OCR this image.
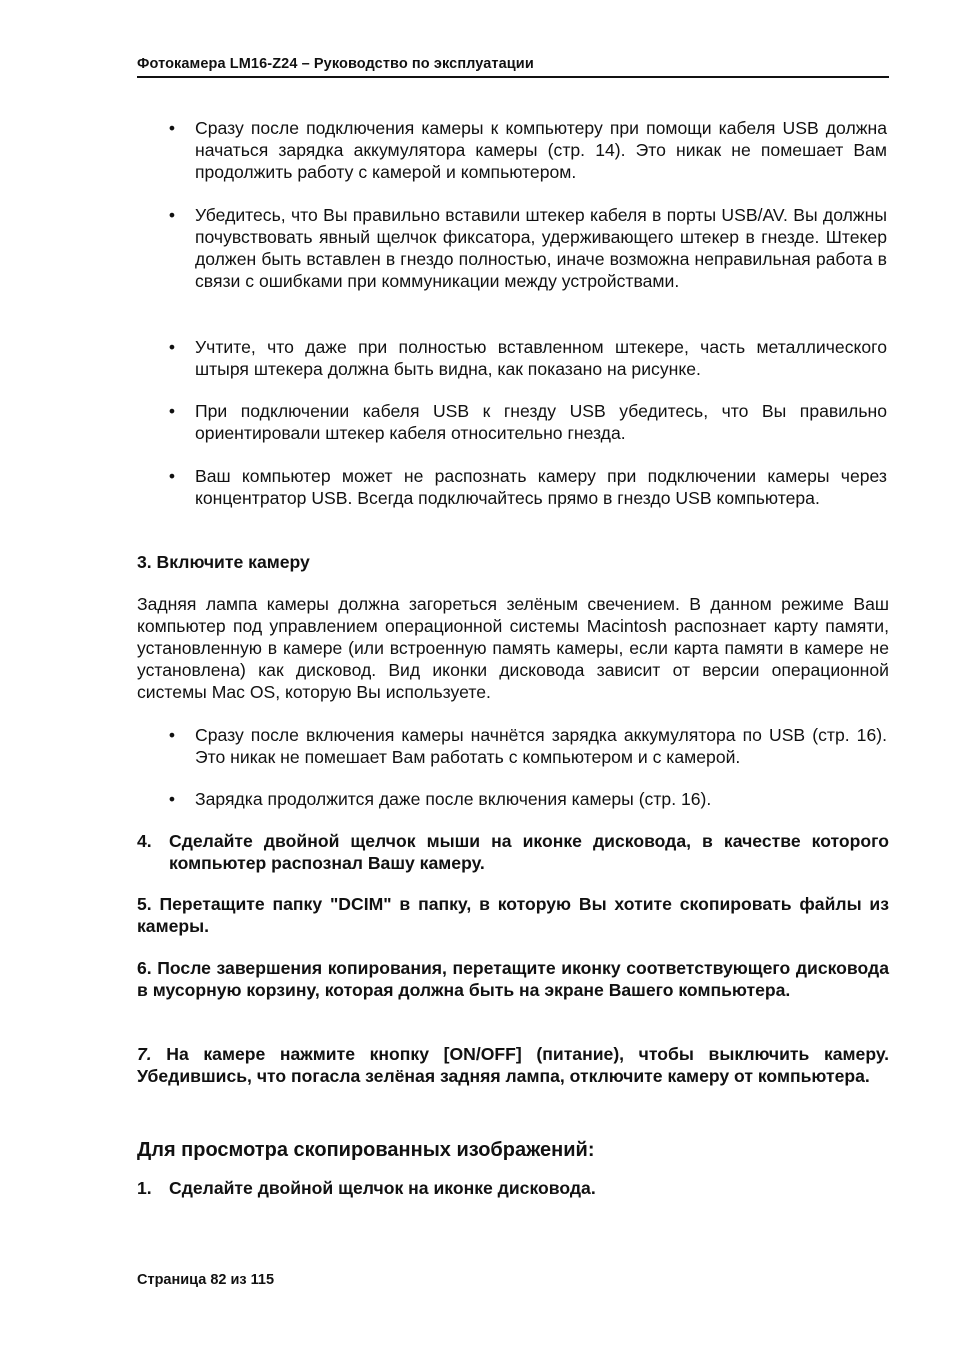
Фотокамера LM16-Z24 – Руководство по эксплуатации
• Сразу после подключения камеры к компьютеру при помощи кабеля USB должна начаться зарядка аккумулятора камеры (стр. 14). Это никак не помешает Вам продолжить работу с камерой и компьютером.
• Убедитесь, что Вы правильно вставили штекер кабеля в порты USB/AV. Вы должны почувствовать явный щелчок фиксатора, удерживающего штекер в гнезде. Штекер должен быть вставлен в гнездо полностью, иначе возможна неправильная работа в связи с ошибками при коммуникации между устройствами.
• Учтите, что даже при полностью вставленном штекере, часть металлического штыря штекера должна быть видна, как показано на рисунке.
• При подключении кабеля USB к гнезду USB убедитесь, что Вы правильно ориентировали штекер кабеля относительно гнезда.
• Ваш компьютер может не распознать камеру при подключении камеры через концентратор USB. Всегда подключайтесь прямо в гнездо USB компьютера.
3. Включите камеру
Задняя лампа камеры должна загореться зелёным свечением. В данном режиме Ваш компьютер под управлением операционной системы Macintosh распознает карту памяти, установленную в камере (или встроенную память камеры, если карта памяти в камере не установлена) как дисковод. Вид иконки дисковода зависит от версии операционной системы Mac OS, которую Вы используете.
• Сразу после включения камеры начнётся зарядка аккумулятора по USB (стр. 16). Это никак не помешает Вам работать с компьютером и с камерой.
• Зарядка продолжится даже после включения камеры (стр. 16).
4. Сделайте двойной щелчок мыши на иконке дисковода, в качестве которого компьютер распознал Вашу камеру.
5. Перетащите папку "DCIM" в папку, в которую Вы хотите скопировать файлы из камеры.
6. После завершения копирования, перетащите иконку соответствующего дисковода в мусорную корзину, которая должна быть на экране Вашего компьютера.
7. На камере нажмите кнопку [ON/OFF] (питание), чтобы выключить камеру. Убедившись, что погасла зелёная задняя лампа, отключите камеру от компьютера.
Для просмотра скопированных изображений:
1. Сделайте двойной щелчок на иконке дисковода.
Страница 82 из 115
